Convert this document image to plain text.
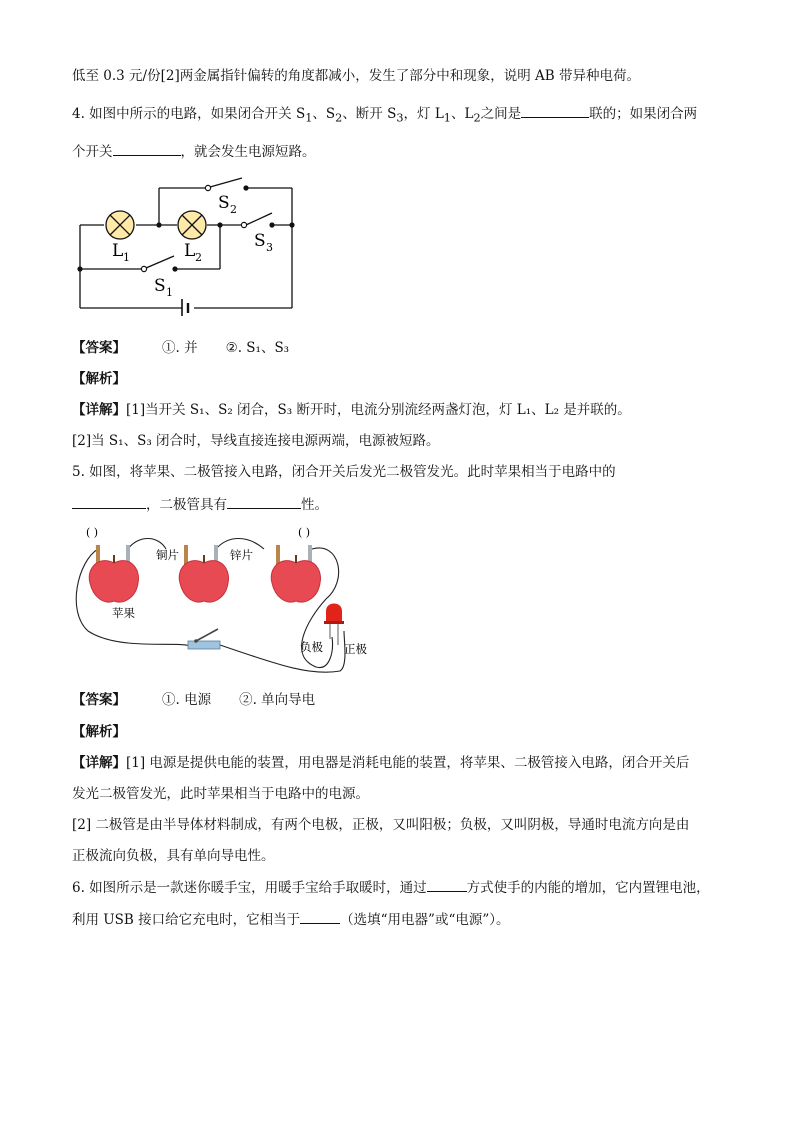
低至 0.3 元/份[2]两金属指针偏转的角度都减小，发生了部分中和现象，说明 AB 带异种电荷。
4. 如图中所示的电路，如果闭合开关 $S_1$、$S_2$、断开 $S_3$，灯 $L_1$、$L_2$之间是	联的；如果闭合两
个开关	，就会发生电源短路。
S 2
S 3
L 1	L 2
S 1
【答案】	①. 并 ②. S₁、S₃
【解析】
【详解】[1]当开关 S₁、S₂ 闭合，S₃ 断开时，电流分别流经两盏灯泡，灯 L₁、L₂ 是并联的。
[2]当 S₁、S₃ 闭合时，导线直接连接电源两端，电源被短路。
5. 如图，将苹果、二极管接入电路，闭合开关后发光二极管发光。此时苹果相当于电路中的
，二极管具有	性。
( )	( )
铜片	锌片
苹果
负极 正极
【答案】	①. 电源 ②. 单向导电
【解析】
【详解】[1] 电源是提供电能的装置，用电器是消耗电能的装置，将苹果、二极管接入电路，闭合开关后
发光二极管发光，此时苹果相当于电路中的电源。
[2] 二极管是由半导体材料制成，有两个电极，正极，又叫阳极；负极，又叫阴极，导通时电流方向是由
正极流向负极，具有单向导电性。
6. 如图所示是一款迷你暖手宝，用暖手宝给手取暖时，通过	方式使手的内能的增加，它内置锂电池，
利用 USB 接口给它充电时，它相当于	（选填“用电器”或“电源”）。
